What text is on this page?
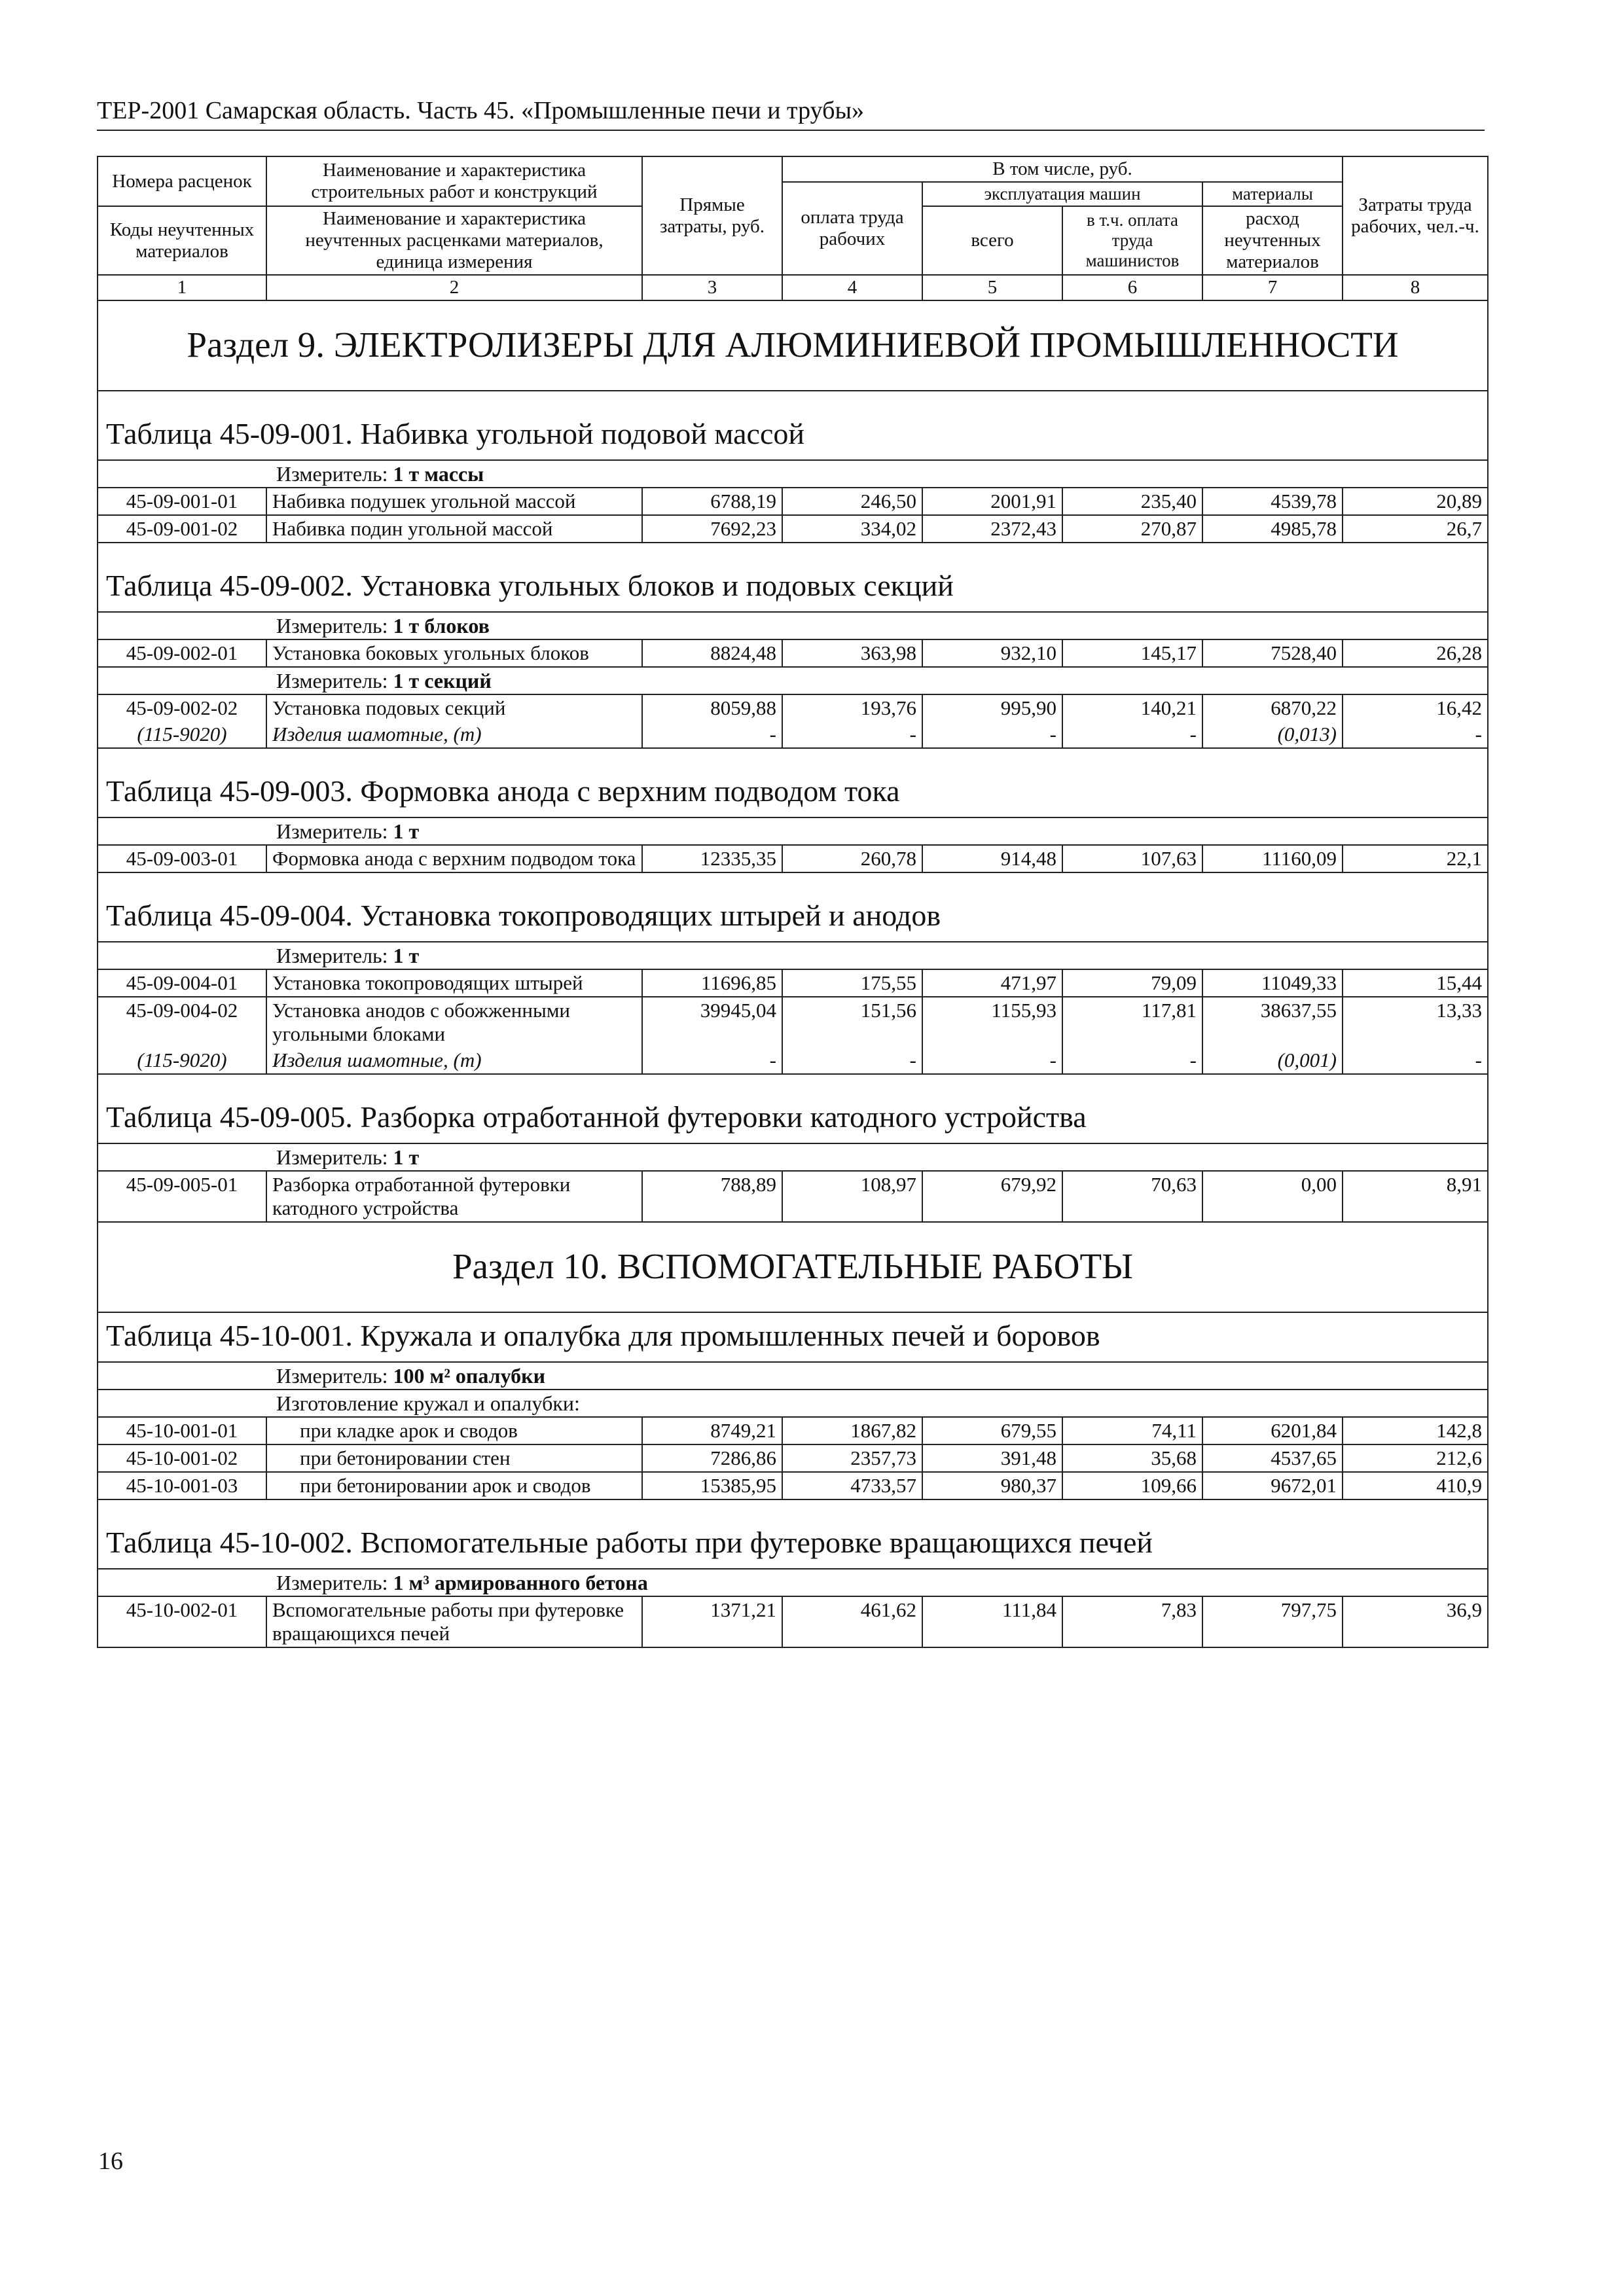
ТЕР-2001 Самарская область. Часть 45. «Промышленные печи и трубы»
Номера расценок	Наименование и характеристика строительных работ и конструкций	Прямые затраты, руб.	В том числе, руб.				Затраты труда рабочих, чел.-ч.
			оплата труда рабочих	эксплуатация машин		материалы	
Коды неучтенных материалов	Наименование и характеристика неучтенных расценками материалов, единица измерения			всего	в т.ч. оплата труда машинистов	расход неучтенных материалов	

1	2	3	4	5	6	7	8
Раздел 9. ЭЛЕКТРОЛИЗЕРЫ ДЛЯ АЛЮМИНИЕВОЙ ПРОМЫШЛЕННОСТИ							
Таблица 45-09-001. Набивка угольной подовой массой							
Измеритель: 1 т массы							
45-09-001-01	Набивка подушек угольной массой	6788,19	246,50	2001,91	235,40	4539,78	20,89
45-09-001-02	Набивка подин угольной массой	7692,23	334,02	2372,43	270,87	4985,78	26,7
Таблица 45-09-002. Установка угольных блоков и подовых секций							
Измеритель: 1 т блоков							
45-09-002-01	Установка боковых угольных блоков	8824,48	363,98	932,10	145,17	7528,40	26,28
Измеритель: 1 т секций							
45-09-002-02	Установка подовых секций	8059,88	193,76	995,90	140,21	6870,22	16,42
(115-9020)	Изделия шамотные, (т)	-	-	-	-	(0,013)	-
Таблица 45-09-003. Формовка анода с верхним подводом тока							
Измеритель: 1 т							
45-09-003-01	Формовка анода с верхним подводом тока	12335,35	260,78	914,48	107,63	11160,09	22,1
Таблица 45-09-004. Установка токопроводящих штырей и анодов							
Измеритель: 1 т							
45-09-004-01	Установка токопроводящих штырей	11696,85	175,55	471,97	79,09	11049,33	15,44
45-09-004-02	Установка анодов с обожженными угольными блоками	39945,04	151,56	1155,93	117,81	38637,55	13,33
(115-9020)	Изделия шамотные, (т)	-	-	-	-	(0,001)	-
Таблица 45-09-005. Разборка отработанной футеровки катодного устройства							
Измеритель: 1 т							
45-09-005-01	Разборка отработанной футеровки катодного устройства	788,89	108,97	679,92	70,63	0,00	8,91
Раздел 10. ВСПОМОГАТЕЛЬНЫЕ РАБОТЫ							
Таблица 45-10-001. Кружала и опалубка для промышленных печей и боровов							
Измеритель: 100 м² опалубки							
Изготовление кружал и опалубки:							
45-10-001-01	при кладке арок и сводов	8749,21	1867,82	679,55	74,11	6201,84	142,8
45-10-001-02	при бетонировании стен	7286,86	2357,73	391,48	35,68	4537,65	212,6
45-10-001-03	при бетонировании арок и сводов	15385,95	4733,57	980,37	109,66	9672,01	410,9
Таблица 45-10-002. Вспомогательные работы при футеровке вращающихся печей							
Измеритель: 1 м³ армированного бетона							
45-10-002-01	Вспомогательные работы при футеровке вращающихся печей	1371,21	461,62	111,84	7,83	797,75	36,9
16
